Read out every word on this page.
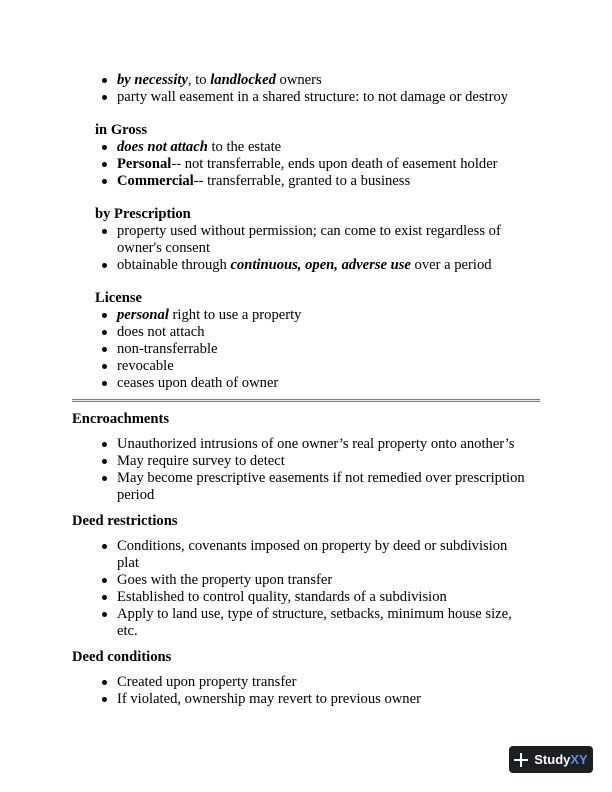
by necessity, to landlocked owners
party wall easement in a shared structure: to not damage or destroy

in Gross

does not attach to the estate
Personal-- not transferrable, ends upon death of easement holder
Commercial-- transferrable, granted to a business

by Prescription

property used without permission; can come to exist regardless of owner's consent
obtainable through continuous, open, adverse use over a period

License

personal right to use a property
does not attach
non-transferrable
revocable
ceases upon death of owner

Encroachments

Unauthorized intrusions of one owner’s real property onto another’s
May require survey to detect
May become prescriptive easements if not remedied over prescription period

Deed restrictions

Conditions, covenants imposed on property by deed or subdivision plat
Goes with the property upon transfer
Established to control quality, standards of a subdivision
Apply to land use, type of structure, setbacks, minimum house size, etc.

Deed conditions

Created upon property transfer
If violated, ownership may revert to previous owner
StudyXY
